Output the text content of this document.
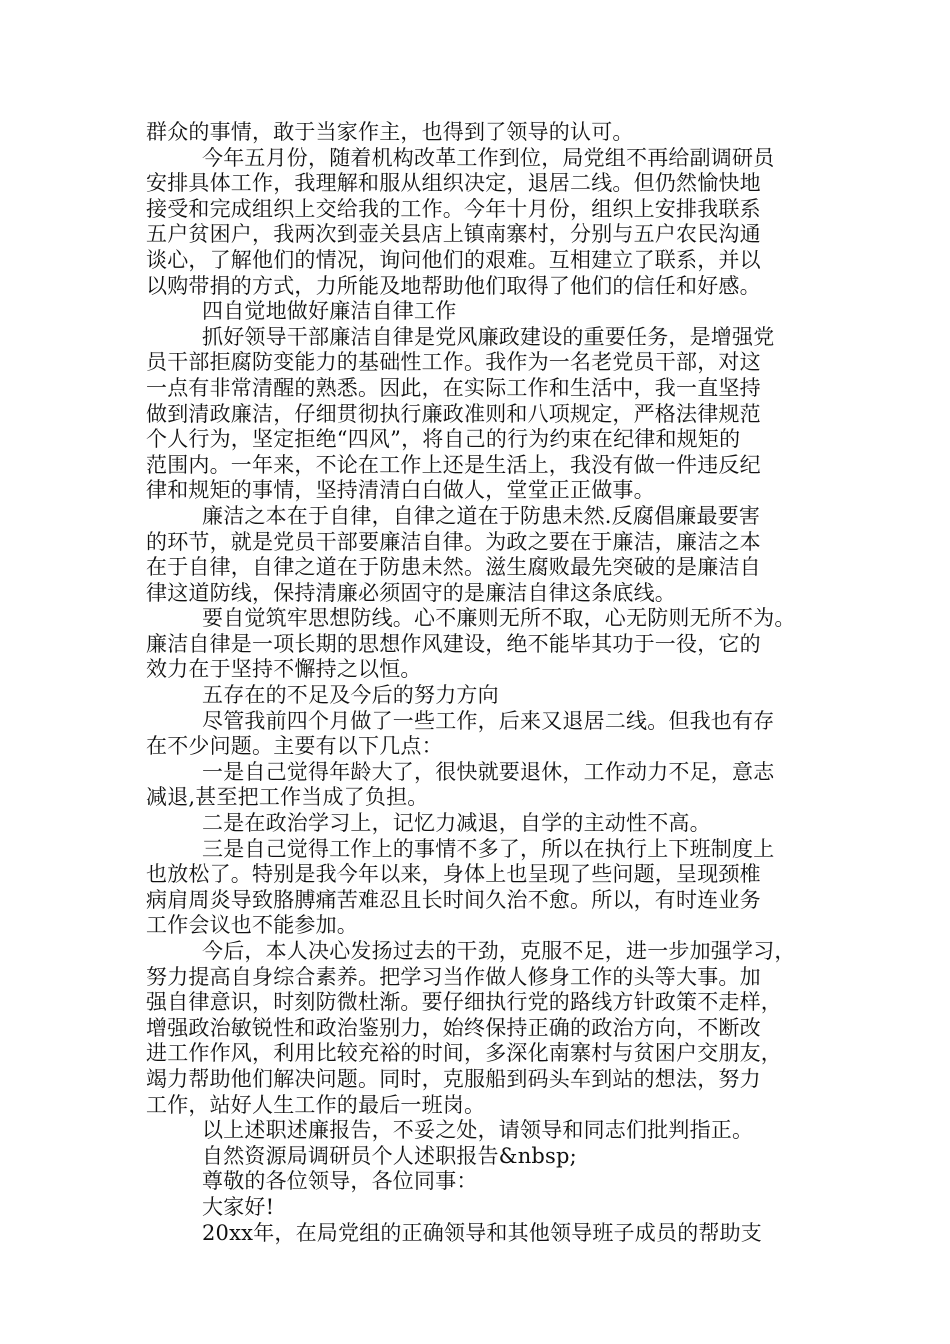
群众的事情，敢于当家作主，也得到了领导的认可。
今年五月份，随着机构改革工作到位，局党组不再给副调研员
安排具体工作，我理解和服从组织决定，退居二线。但仍然愉快地
接受和完成组织上交给我的工作。今年十月份，组织上安排我联系
五户贫困户，我两次到壶关县店上镇南寨村，分别与五户农民沟通
谈心，了解他们的情况，询问他们的艰难。互相建立了联系，并以
以购带捐的方式，力所能及地帮助他们取得了他们的信任和好感。
四自觉地做好廉洁自律工作
抓好领导干部廉洁自律是党风廉政建设的重要任务，是增强党
员干部拒腐防变能力的基础性工作。我作为一名老党员干部，对这
一点有非常清醒的熟悉。因此，在实际工作和生活中，我一直坚持
做到清政廉洁，仔细贯彻执行廉政准则和八项规定，严格法律规范
个人行为，坚定拒绝“四风”，将自己的行为约束在纪律和规矩的
范围内。一年来，不论在工作上还是生活上，我没有做一件违反纪
律和规矩的事情，坚持清清白白做人，堂堂正正做事。
廉洁之本在于自律，自律之道在于防患未然.反腐倡廉最要害
的环节，就是党员干部要廉洁自律。为政之要在于廉洁，廉洁之本
在于自律，自律之道在于防患未然。滋生腐败最先突破的是廉洁自
律这道防线，保持清廉必须固守的是廉洁自律这条底线。
要自觉筑牢思想防线。心不廉则无所不取，心无防则无所不为。
廉洁自律是一项长期的思想作风建设，绝不能毕其功于一役，它的
效力在于坚持不懈持之以恒。
五存在的不足及今后的努力方向
尽管我前四个月做了一些工作，后来又退居二线。但我也有存
在不少问题。主要有以下几点：
一是自己觉得年龄大了，很快就要退休，工作动力不足，意志
减退,甚至把工作当成了负担。
二是在政治学习上，记忆力减退，自学的主动性不高。
三是自己觉得工作上的事情不多了，所以在执行上下班制度上
也放松了。特别是我今年以来，身体上也呈现了些问题，呈现颈椎
病肩周炎导致胳膊痛苦难忍且长时间久治不愈。所以，有时连业务
工作会议也不能参加。
今后，本人决心发扬过去的干劲，克服不足，进一步加强学习，
努力提高自身综合素养。把学习当作做人修身工作的头等大事。加
强自律意识，时刻防微杜渐。要仔细执行党的路线方针政策不走样，
增强政治敏锐性和政治鉴别力，始终保持正确的政治方向，不断改
进工作作风，利用比较充裕的时间，多深化南寨村与贫困户交朋友，
竭力帮助他们解决问题。同时，克服船到码头车到站的想法，努力
工作，站好人生工作的最后一班岗。
以上述职述廉报告，不妥之处，请领导和同志们批判指正。
自然资源局调研员个人述职报告&nbsp;
尊敬的各位领导，各位同事：
大家好!
20xx年，在局党组的正确领导和其他领导班子成员的帮助支
